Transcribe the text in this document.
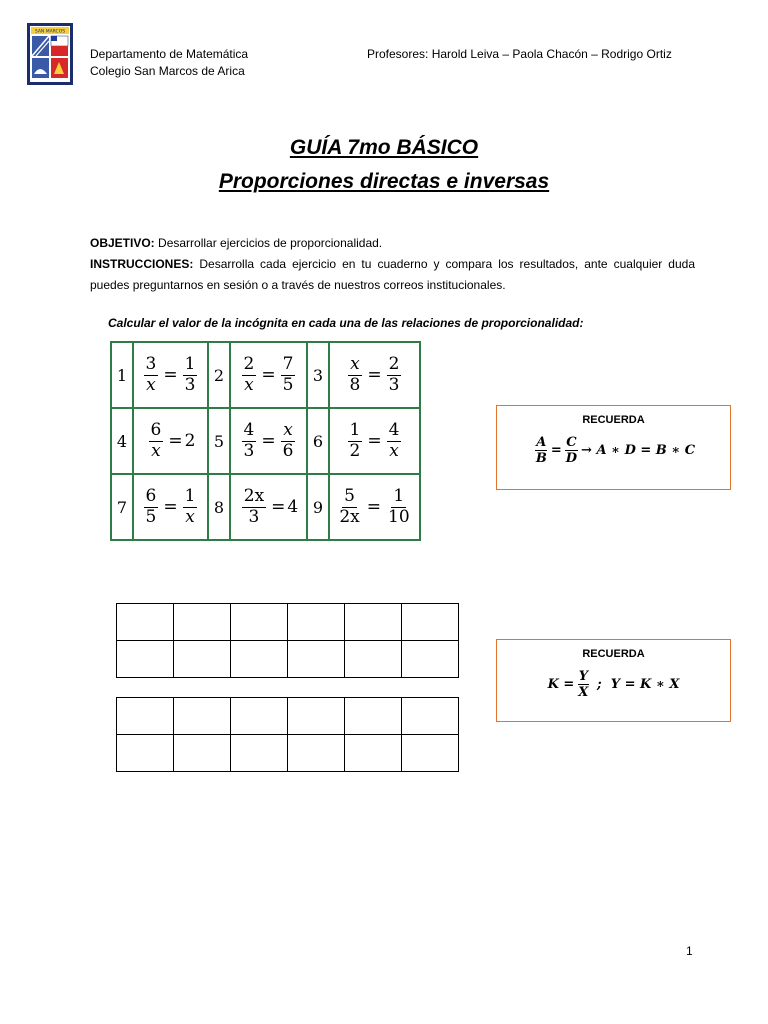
SAN MARCOS
Departamento de Matemática
Colegio San Marcos de Arica
Profesores: Harold Leiva – Paola Chacón – Rodrigo Ortiz
GUÍA 7mo BÁSICO
Proporciones directas e inversas
OBJETIVO: Desarrollar ejercicios de proporcionalidad.
INSTRUCCIONES: Desarrolla cada ejercicio en tu cuaderno y compara los resultados, ante cualquier duda puedes preguntarnos en sesión o a través de nuestros correos institucionales.
Calcular el valor de la incógnita en cada una de las relaciones de proporcionalidad:
1	$\frac{3}{x} = \frac{1}{3}$	2	$\frac{2}{x} = \frac{7}{5}$	3	$\frac{x}{8} = \frac{2}{3}$

4	$\frac{6}{x} = 2$	5	$\frac{4}{3} = \frac{x}{6}$	6	$\frac{1}{2} = \frac{4}{x}$

7	$\frac{6}{5} = \frac{1}{x}$	8	$\frac{2x}{3} = 4$	9	$\frac{5}{2x} = \frac{1}{10}$
RECUERDA
$\frac{A}{B} = \frac{C}{D} \to A$ ∗ D = B ∗ C

RECUERDA
$K = \frac{Y}{X}$ ;  Y = K ∗ X
1
